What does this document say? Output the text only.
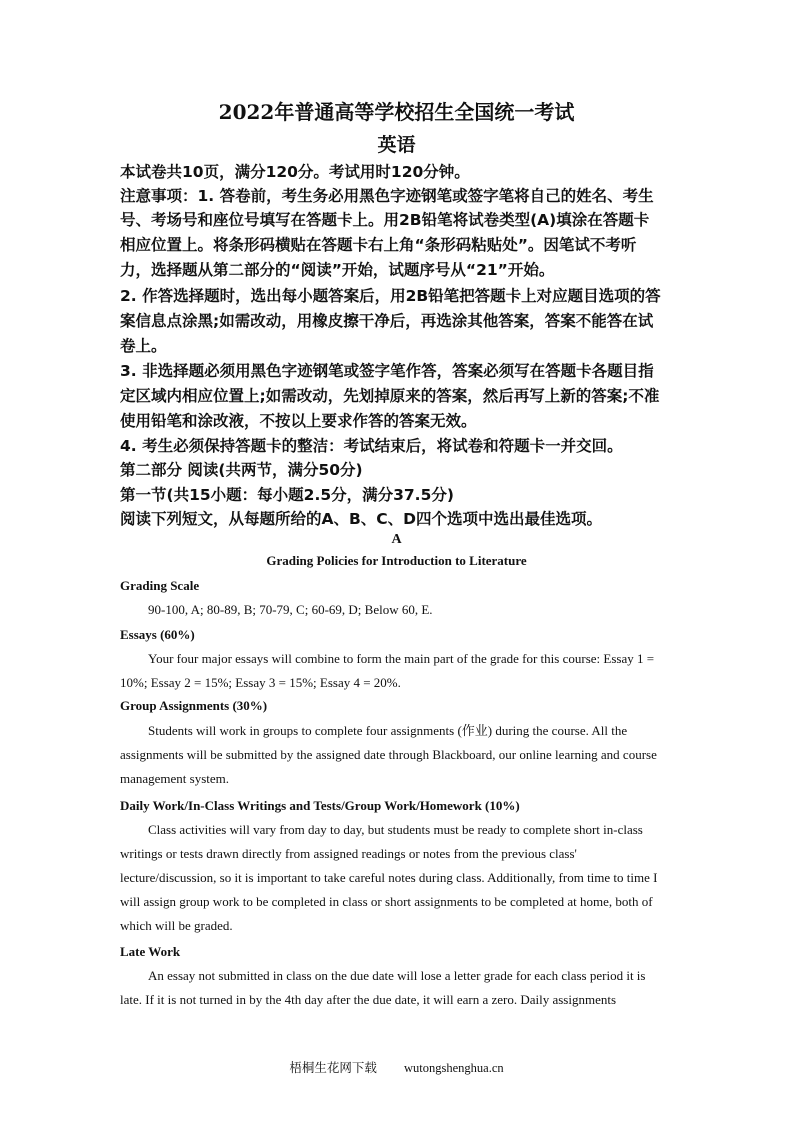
2022年普通高等学校招生全国统一考试
英语
本试卷共10页，满分120分。考试用时120分钟。
注意事项：1. 答卷前，考生务必用黑色字迹钢笔或签字笔将自己的姓名、考生
号、考场号和座位号填写在答题卡上。用2B铅笔将试卷类型(A)填涂在答题卡
相应位置上。将条形码横贴在答题卡右上角“条形码粘贴处”。因笔试不考听
力，选择题从第二部分的“阅读”开始，试题序号从“21”开始。
2. 作答选择题时，选出每小题答案后，用2B铅笔把答题卡上对应题目选项的答
案信息点涂黑;如需改动，用橡皮擦干净后，再选涂其他答案，答案不能答在试
卷上。
3. 非选择题必须用黑色字迹钢笔或签字笔作答，答案必须写在答题卡各题目指
定区域内相应位置上;如需改动，先划掉原来的答案，然后再写上新的答案;不准
使用铅笔和涂改液，不按以上要求作答的答案无效。
4. 考生必须保持答题卡的整洁：考试结束后，将试卷和符题卡一并交回。
第二部分 阅读(共两节，满分50分)
第一节(共15小题：每小题2.5分，满分37.5分)
阅读下列短文，从每题所给的A、B、C、D四个选项中选出最佳选项。
A
Grading Policies for Introduction to Literature
Grading Scale
90-100, A; 80-89, B; 70-79, C; 60-69, D; Below 60, E.
Essays (60%)
Your four major essays will combine to form the main part of the grade for this course: Essay 1 = 10%; Essay 2 = 15%; Essay 3 = 15%; Essay 4 = 20%.
Group Assignments (30%)
Students will work in groups to complete four assignments (作业) during the course. All the assignments will be submitted by the assigned date through Blackboard, our online learning and course management system.
Daily Work/In-Class Writings and Tests/Group Work/Homework (10%)
Class activities will vary from day to day, but students must be ready to complete short in-class writings or tests drawn directly from assigned readings or notes from the previous class' lecture/discussion, so it is important to take careful notes during class. Additionally, from time to time I will assign group work to be completed in class or short assignments to be completed at home, both of which will be graded.
Late Work
An essay not submitted in class on the due date will lose a letter grade for each class period it is late. If it is not turned in by the 4th day after the due date, it will earn a zero. Daily assignments
梧桐生花网下载 wutongshenghua.cn
